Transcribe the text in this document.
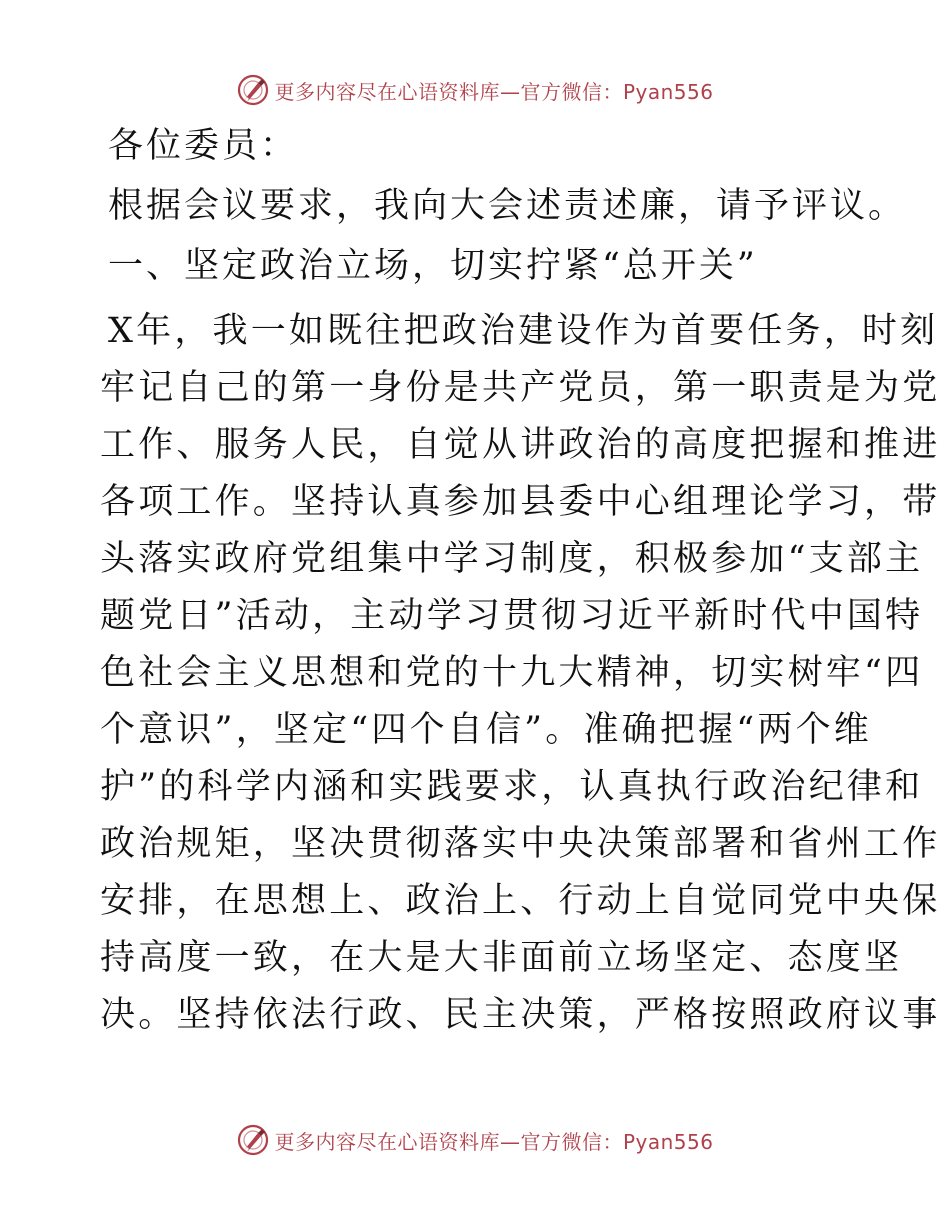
更多内容尽在心语资料库—官方微信：Pyan556

各位委员：

根据会议要求，我向大会述责述廉，请予评议。

一、坚定政治立场，切实拧紧“总开关”

X年，我一如既往把政治建设作为首要任务，时刻

牢记自己的第一身份是共产党员，第一职责是为党

工作、服务人民，自觉从讲政治的高度把握和推进

各项工作。坚持认真参加县委中心组理论学习，带

头落实政府党组集中学习制度，积极参加“支部主

题党日”活动，主动学习贯彻习近平新时代中国特

色社会主义思想和党的十九大精神，切实树牢“四

个意识”，坚定“四个自信”。准确把握“两个维

护”的科学内涵和实践要求，认真执行政治纪律和

政治规矩，坚决贯彻落实中央决策部署和省州工作

安排，在思想上、政治上、行动上自觉同党中央保

持高度一致，在大是大非面前立场坚定、态度坚

决。坚持依法行政、民主决策，严格按照政府议事

更多内容尽在心语资料库—官方微信：Pyan556
